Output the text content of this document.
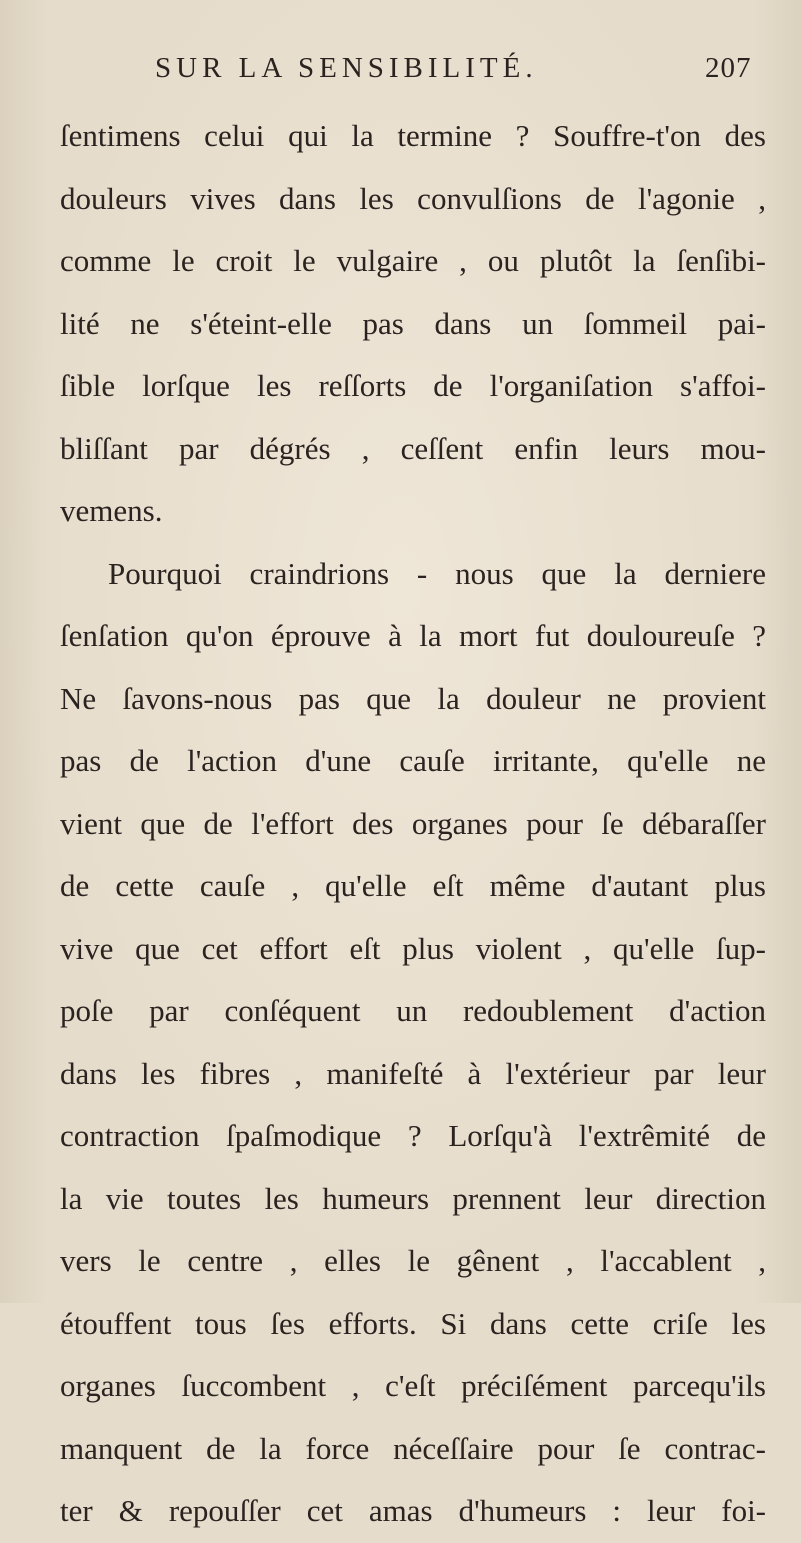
SUR LA SENSIBILITÉ.	207
ſentimens celui qui la termine ? Souffre-t'on des
douleurs vives dans les convulſions de l'agonie ,
comme le croit le vulgaire , ou plutôt la ſenſibi-
lité ne s'éteint-elle pas dans un ſommeil pai-
ſible lorſque les reſſorts de l'organiſation s'affoi-
bliſſant par dégrés , ceſſent enfin leurs mou-
vemens.
Pourquoi craindrions - nous que la derniere
ſenſation qu'on éprouve à la mort fut douloureuſe ?
Ne ſavons-nous pas que la douleur ne provient
pas de l'action d'une cauſe irritante, qu'elle ne
vient que de l'effort des organes pour ſe débaraſſer
de cette cauſe , qu'elle eſt même d'autant plus
vive que cet effort eſt plus violent , qu'elle ſup-
poſe par conſéquent un redoublement d'action
dans les fibres , manifeſté à l'extérieur par leur
contraction ſpaſmodique ? Lorſqu'à l'extrêmité de
la vie toutes les humeurs prennent leur direction
vers le centre , elles le gênent , l'accablent ,
étouffent tous ſes efforts. Si dans cette criſe les
organes ſuccombent , c'eſt préciſément parcequ'ils
manquent de la force néceſſaire pour ſe contrac-
ter & repouſſer cet amas d'humeurs : leur foi-
